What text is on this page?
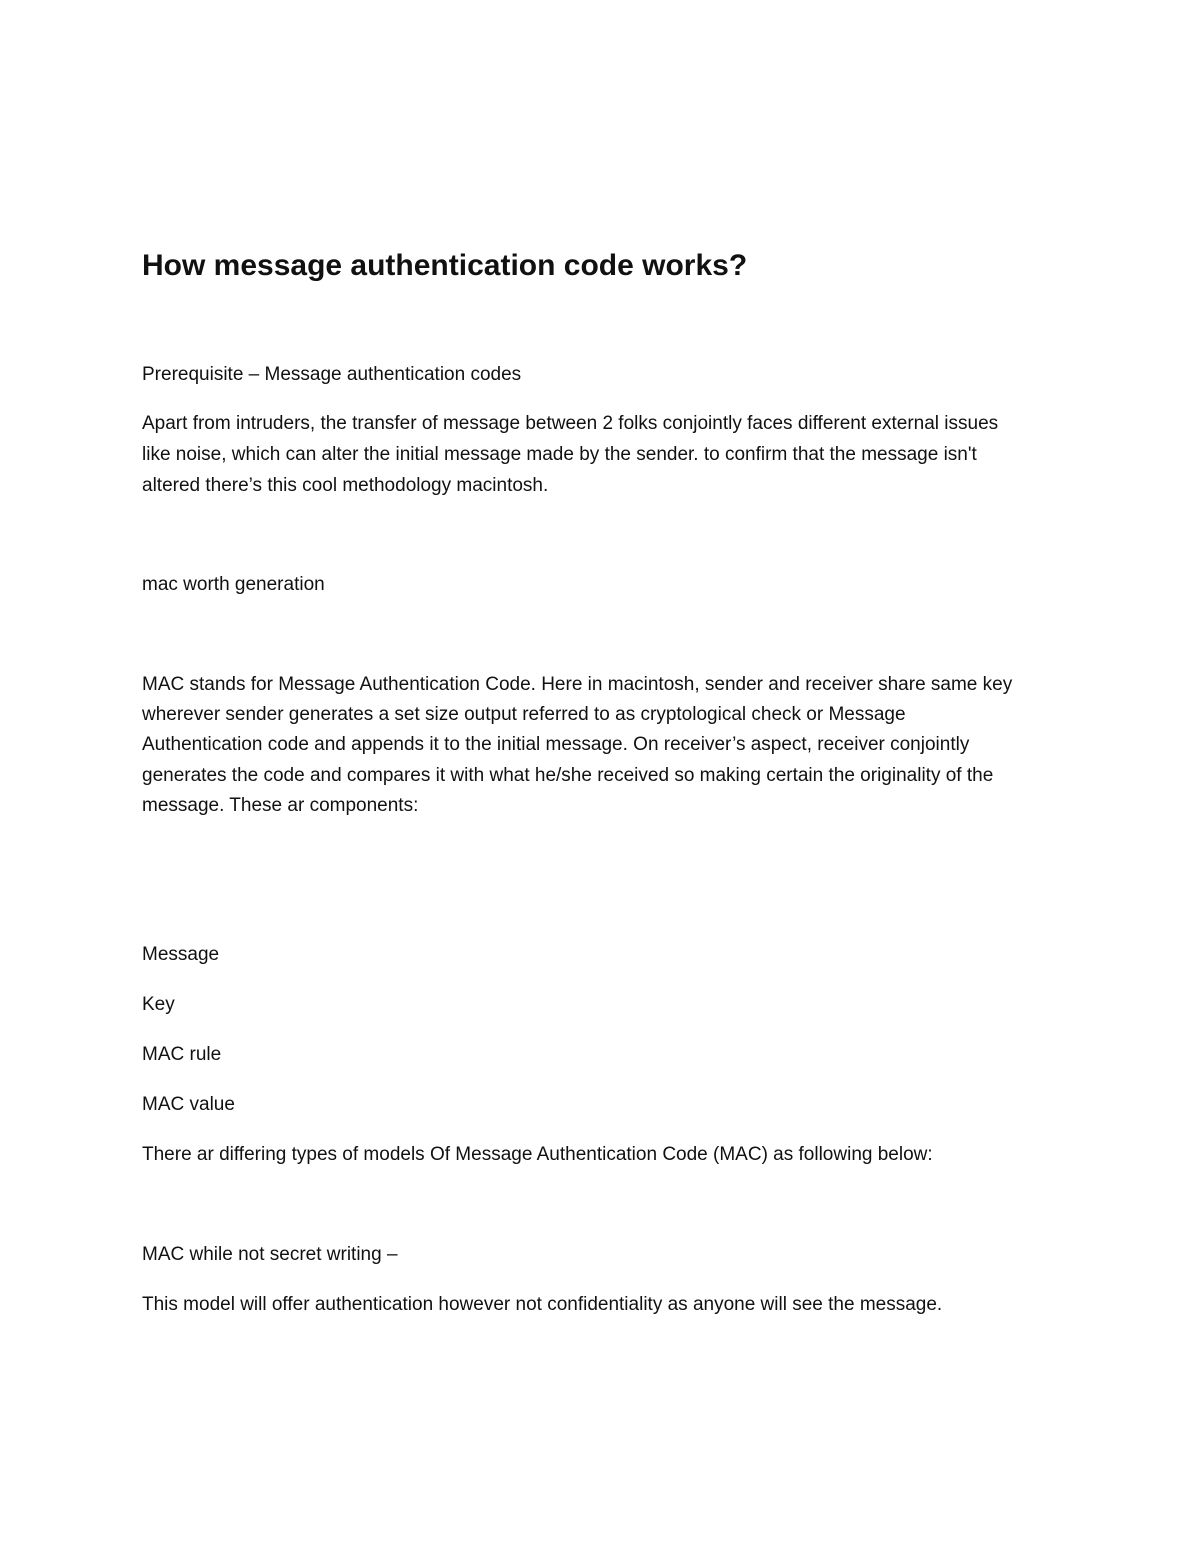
How message authentication code works?

Prerequisite – Message authentication codes

Apart from intruders, the transfer of message between 2 folks conjointly faces different external issues

like noise, which can alter the initial message made by the sender. to confirm that the message isn't

altered there’s this cool methodology macintosh.

mac worth generation

MAC stands for Message Authentication Code. Here in macintosh, sender and receiver share same key

wherever sender generates a set size output referred to as cryptological check or Message

Authentication code and appends it to the initial message. On receiver’s aspect, receiver conjointly

generates the code and compares it with what he/she received so making certain the originality of the

message. These ar components:

Message

Key

MAC rule

MAC value

There ar differing types of models Of Message Authentication Code (MAC) as following below:

MAC while not secret writing –

This model will offer authentication however not confidentiality as anyone will see the message.
